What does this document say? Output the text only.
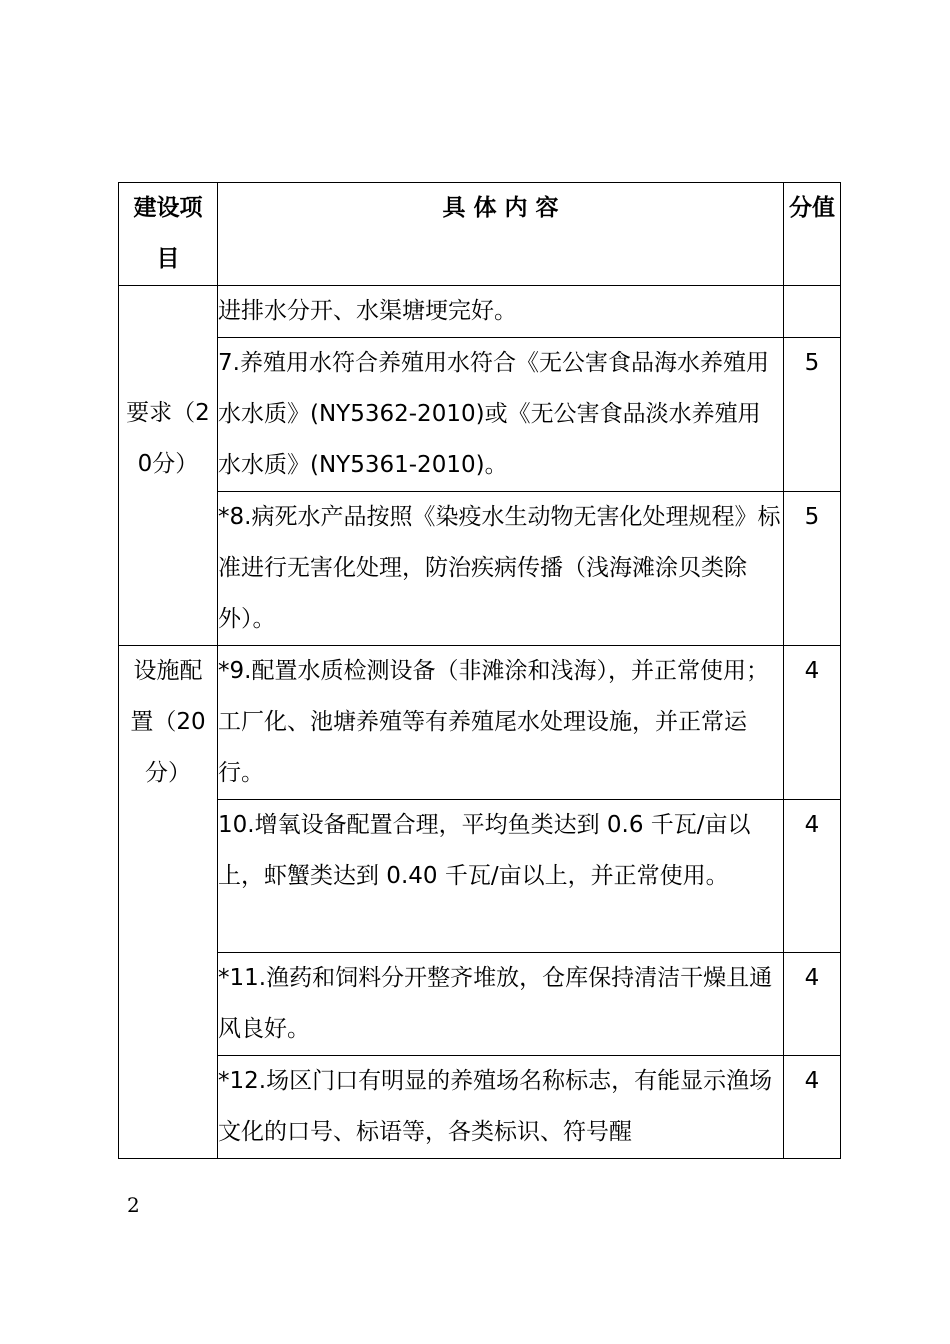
建设项目	具 体 内 容	分值

要求（20分）	进排水分开、水渠塘埂完好。	
	7.养殖用水符合养殖用水符合《无公害食品海水养殖用水水质》(NY5362-2010)或《无公害食品淡水养殖用水水质》(NY5361-2010)。	5
	*8.病死水产品按照《染疫水生动物无害化处理规程》标准进行无害化处理，防治疾病传播（浅海滩涂贝类除外）。	5

设施配置（20分）	*9.配置水质检测设备（非滩涂和浅海），并正常使用；工厂化、池塘养殖等有养殖尾水处理设施，并正常运行。	4
	10.增氧设备配置合理，平均鱼类达到 0.6 千瓦/亩以上，虾蟹类达到 0.40 千瓦/亩以上，并正常使用。	4
	*11.渔药和饲料分开整齐堆放，仓库保持清洁干燥且通风良好。	4
	*12.场区门口有明显的养殖场名称标志，有能显示渔场文化的口号、标语等，各类标识、符号醒	4
2
